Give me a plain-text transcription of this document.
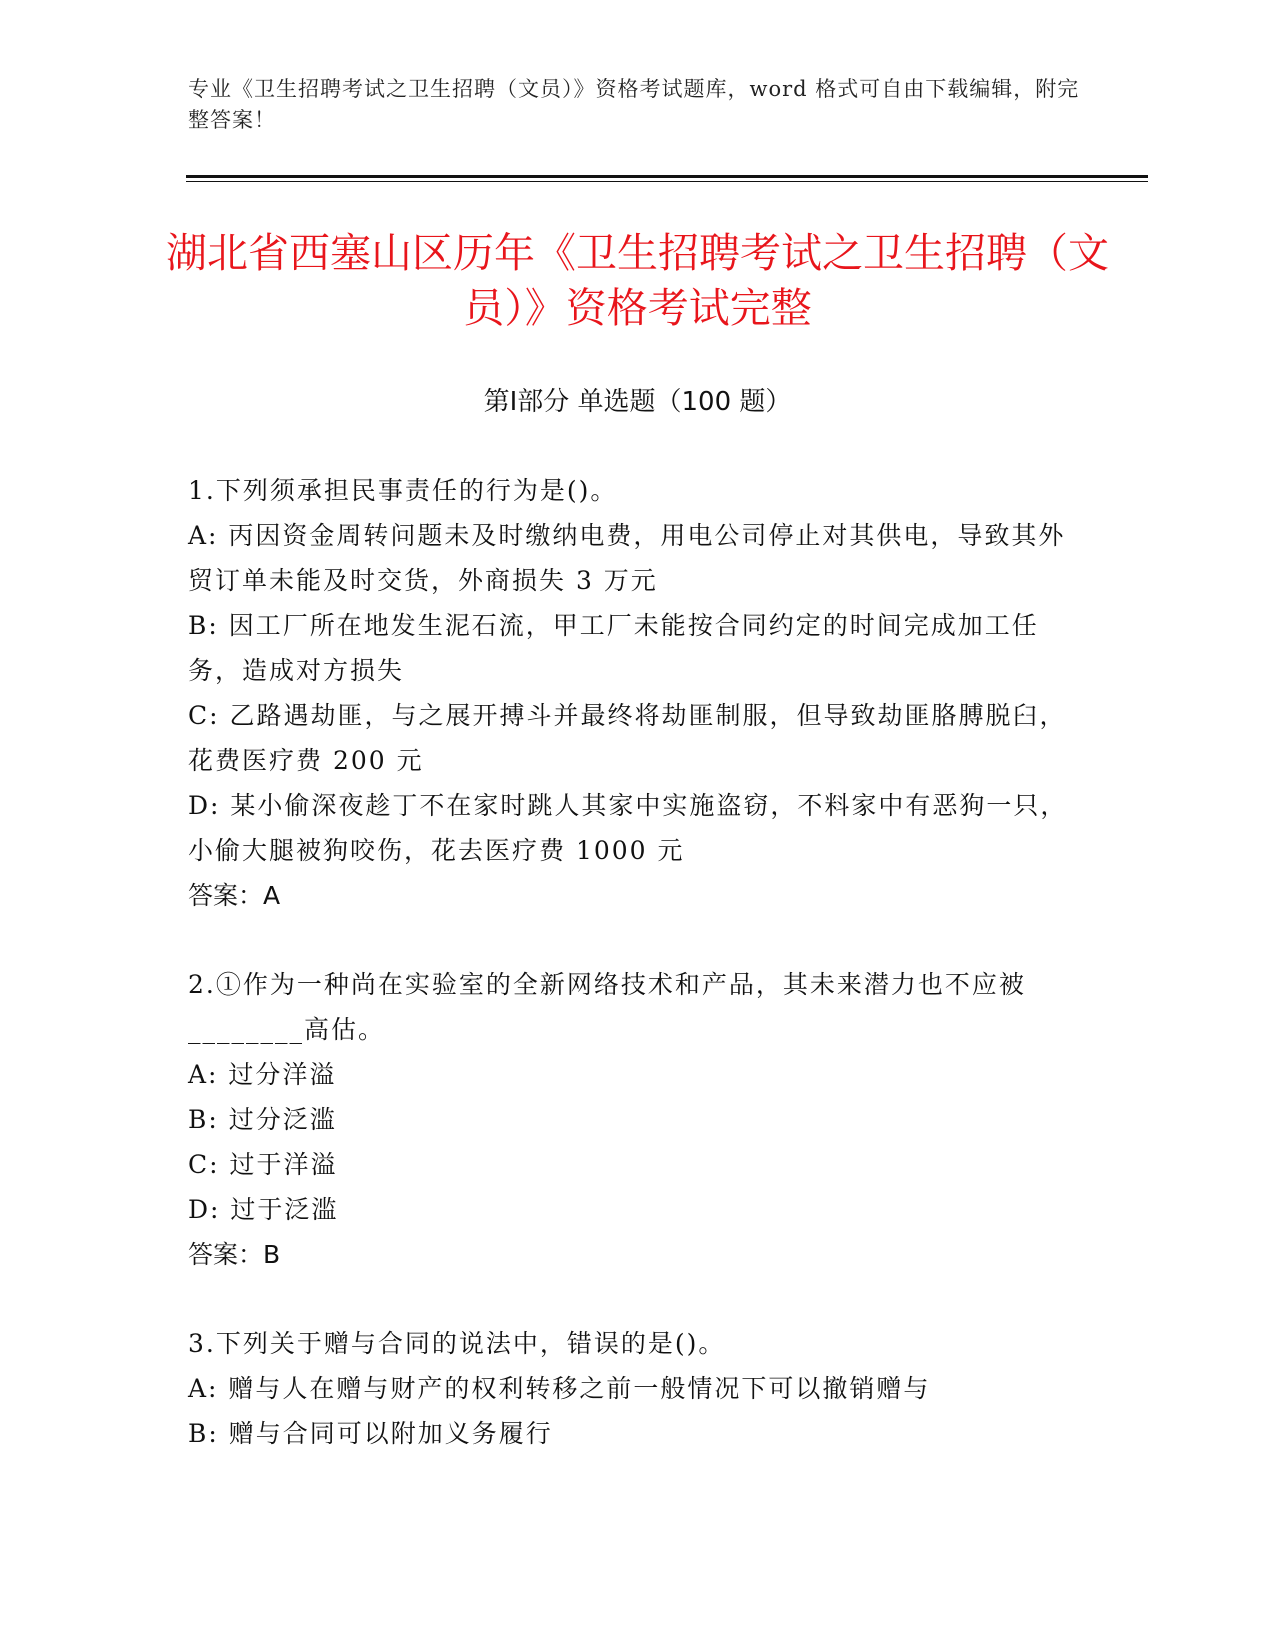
专业《卫生招聘考试之卫生招聘（文员）》资格考试题库，word 格式可自由下载编辑，附完整答案！
湖北省西塞山区历年《卫生招聘考试之卫生招聘（文员）》资格考试完整
第Ⅰ部分 单选题（100 题）

1.下列须承担民事责任的行为是()。

A: 丙因资金周转问题未及时缴纳电费，用电公司停止对其供电，导致其外贸订单未能及时交货，外商损失 3 万元

B: 因工厂所在地发生泥石流，甲工厂未能按合同约定的时间完成加工任务，造成对方损失

C: 乙路遇劫匪，与之展开搏斗并最终将劫匪制服，但导致劫匪胳膊脱臼，花费医疗费 200 元

D: 某小偷深夜趁丁不在家时跳人其家中实施盗窃，不料家中有恶狗一只，小偷大腿被狗咬伤，花去医疗费 1000 元

答案：A

2.①作为一种尚在实验室的全新网络技术和产品，其未来潜力也不应被________高估。

A: 过分洋溢

B: 过分泛滥

C: 过于洋溢

D: 过于泛滥

答案：B

3.下列关于赠与合同的说法中，错误的是()。

A: 赠与人在赠与财产的权利转移之前一般情况下可以撤销赠与

B: 赠与合同可以附加义务履行
